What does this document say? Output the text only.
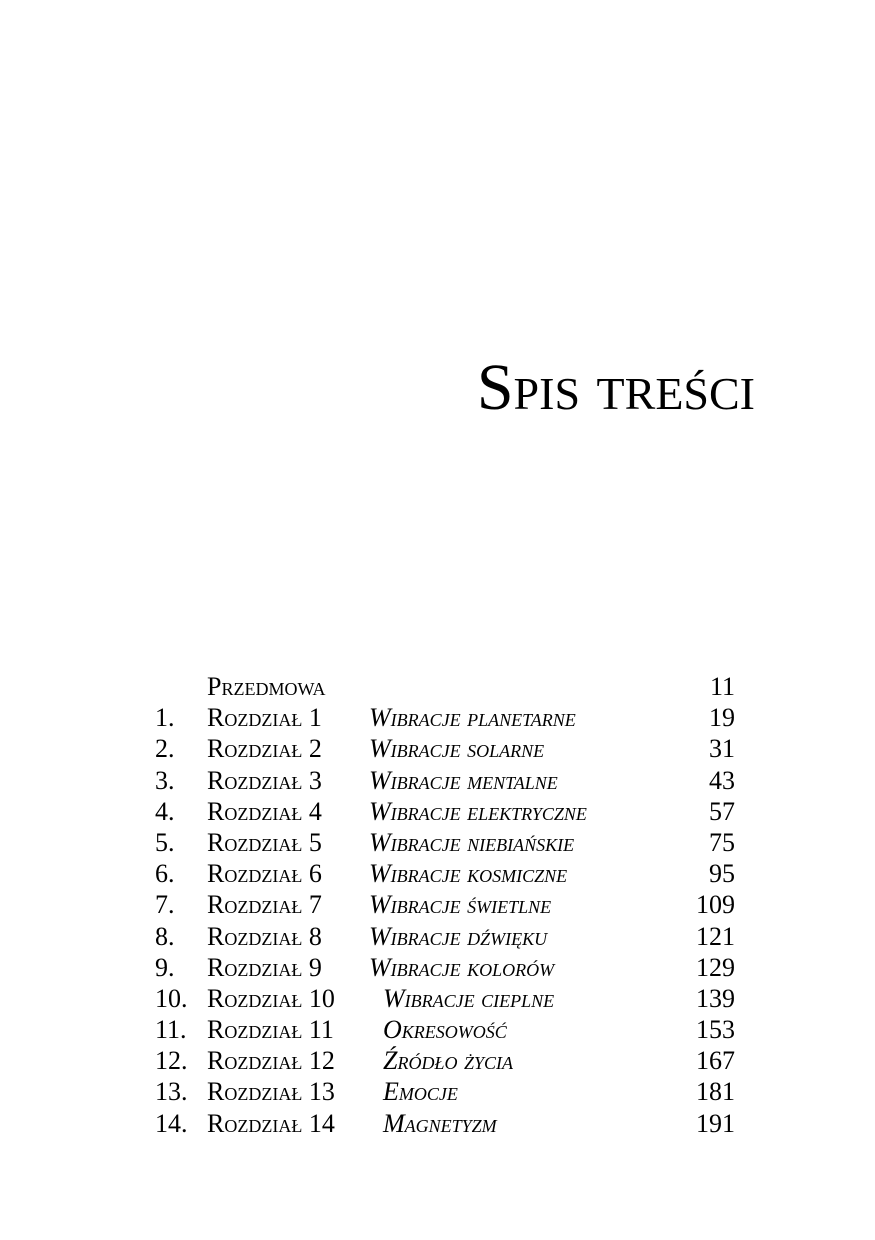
Spis treści
Przedmowa	11
1. Rozdział 1 Wibracje planetarne	19
2. Rozdział 2 Wibracje solarne	31
3. Rozdział 3 Wibracje mentalne	43
4. Rozdział 4 Wibracje elektryczne	57
5. Rozdział 5 Wibracje niebiańskie	75
6. Rozdział 6 Wibracje kosmiczne	95
7. Rozdział 7 Wibracje świetlne	109
8. Rozdział 8 Wibracje dźwięku	121
9. Rozdział 9 Wibracje kolorów	129
10. Rozdział 10 Wibracje cieplne	139
11. Rozdział 11 Okresowość	153
12. Rozdział 12 Źródło życia	167
13. Rozdział 13 Emocje	181
14. Rozdział 14 Magnetyzm	191
